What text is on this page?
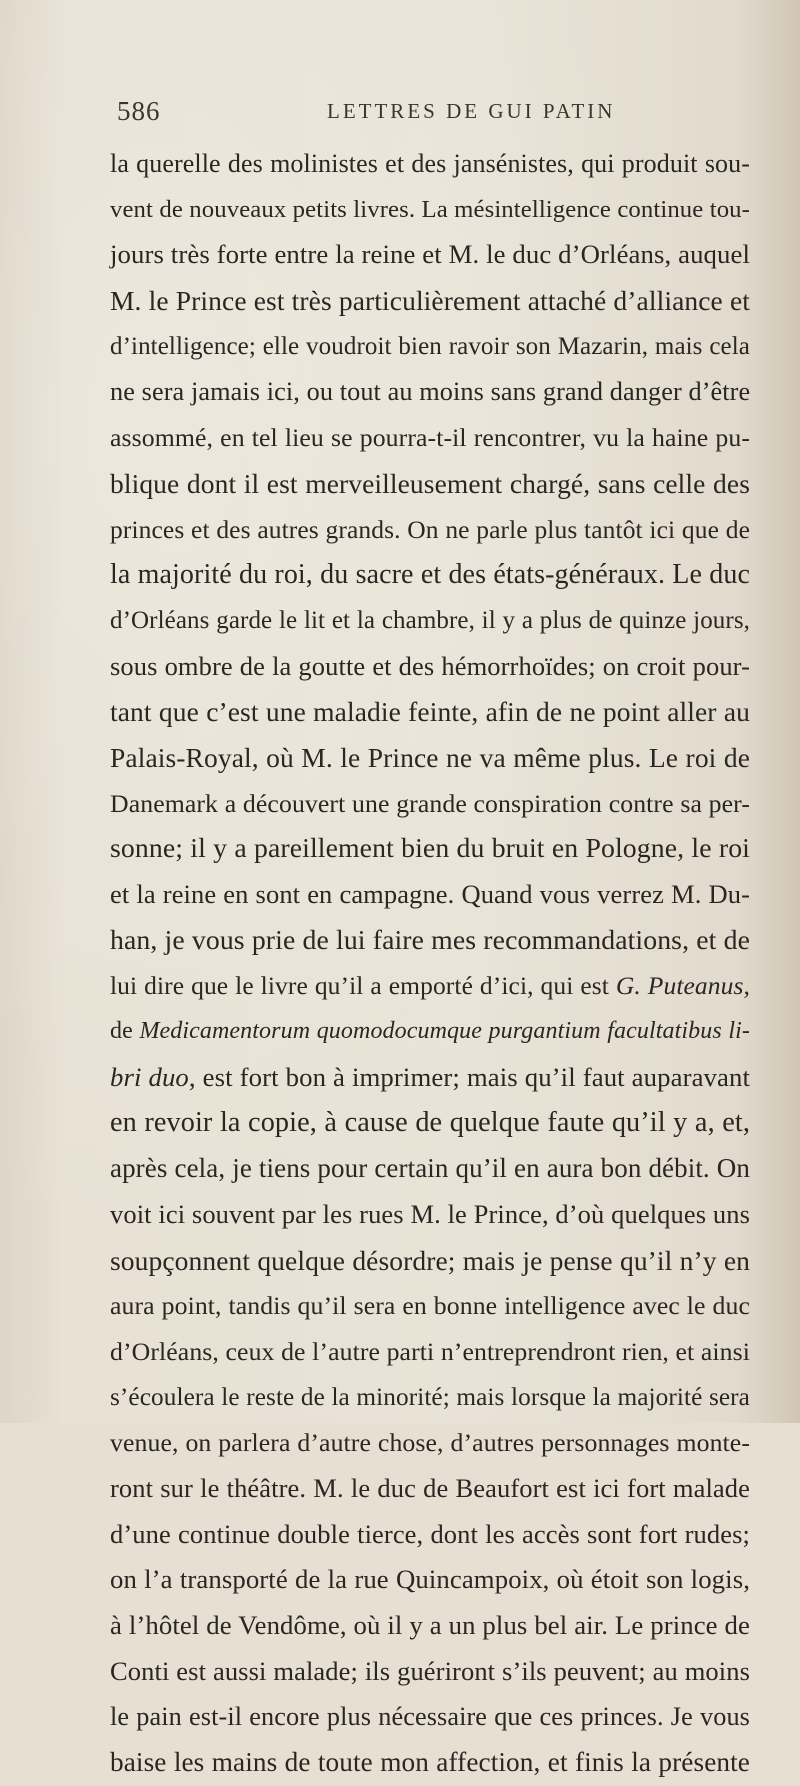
586	LETTRES DE GUI PATIN
la querelle des molinistes et des jansénistes, qui produit sou-
vent de nouveaux petits livres. La mésintelligence continue tou-
jours très forte entre la reine et M. le duc d’Orléans, auquel
M. le Prince est très particulièrement attaché d’alliance et
d’intelligence; elle voudroit bien ravoir son Mazarin, mais cela
ne sera jamais ici, ou tout au moins sans grand danger d’être
assommé, en tel lieu se pourra-t-il rencontrer, vu la haine pu-
blique dont il est merveilleusement chargé, sans celle des
princes et des autres grands. On ne parle plus tantôt ici que de
la majorité du roi, du sacre et des états-généraux. Le duc
d’Orléans garde le lit et la chambre, il y a plus de quinze jours,
sous ombre de la goutte et des hémorrhoïdes; on croit pour-
tant que c’est une maladie feinte, afin de ne point aller au
Palais-Royal, où M. le Prince ne va même plus. Le roi de
Danemark a découvert une grande conspiration contre sa per-
sonne; il y a pareillement bien du bruit en Pologne, le roi
et la reine en sont en campagne. Quand vous verrez M. Du-
han, je vous prie de lui faire mes recommandations, et de
lui dire que le livre qu’il a emporté d’ici, qui est G. Puteanus,
de Medicamentorum quomodocumque purgantium facultatibus li-
bri duo, est fort bon à imprimer; mais qu’il faut auparavant
en revoir la copie, à cause de quelque faute qu’il y a, et,
après cela, je tiens pour certain qu’il en aura bon débit. On
voit ici souvent par les rues M. le Prince, d’où quelques uns
soupçonnent quelque désordre; mais je pense qu’il n’y en
aura point, tandis qu’il sera en bonne intelligence avec le duc
d’Orléans, ceux de l’autre parti n’entreprendront rien, et ainsi
s’écoulera le reste de la minorité; mais lorsque la majorité sera
venue, on parlera d’autre chose, d’autres personnages monte-
ront sur le théâtre. M. le duc de Beaufort est ici fort malade
d’une continue double tierce, dont les accès sont fort rudes;
on l’a transporté de la rue Quincampoix, où étoit son logis,
à l’hôtel de Vendôme, où il y a un plus bel air. Le prince de
Conti est aussi malade; ils guériront s’ils peuvent; au moins
le pain est-il encore plus nécessaire que ces princes. Je vous
baise les mains de toute mon affection, et finis la présente
